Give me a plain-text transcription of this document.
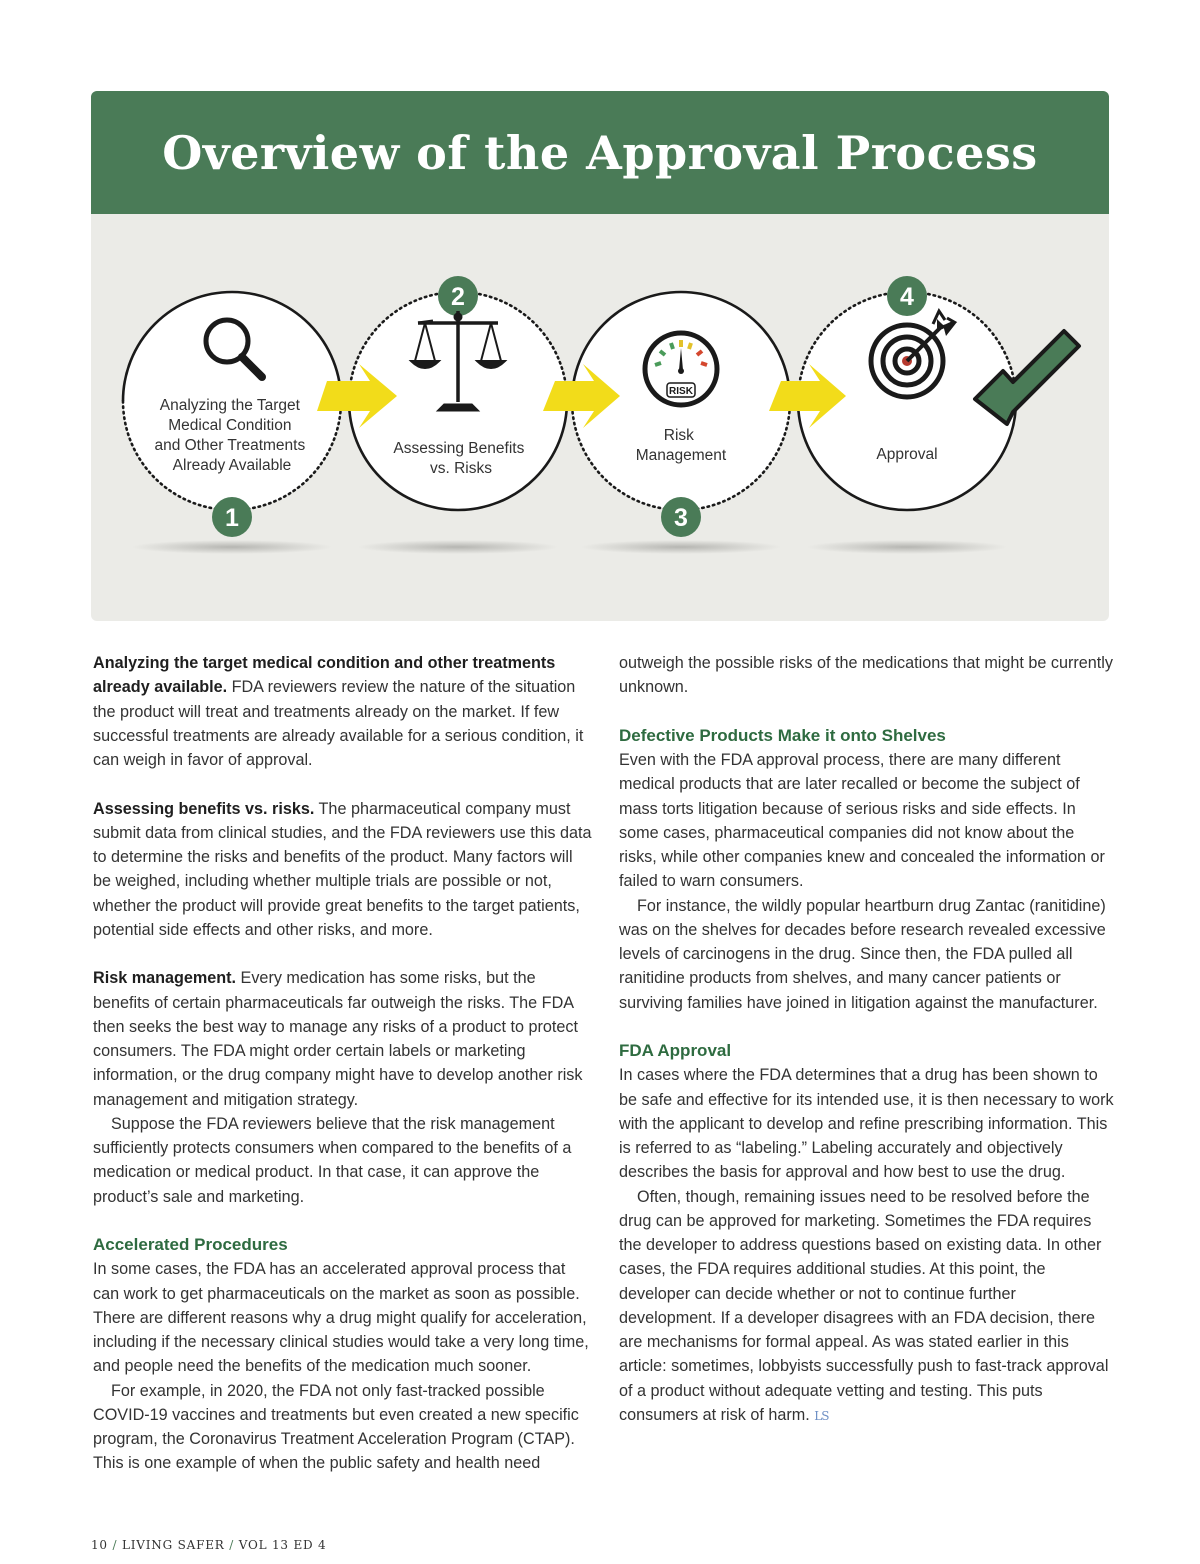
Overview of the Approval Process
1
2
3
4
Analyzing the Target Medical Condition and Other Treatments Already Available
Assessing Benefits vs. Risks
RISK
Risk Management	Approval

Analyzing the target medical condition and other treatments already available. FDA reviewers review the nature of the situation the product will treat and treatments already on the market. If few successful treatments are already available for a serious condition, it can weigh in favor of approval.

Assessing benefits vs. risks. The pharmaceutical company must submit data from clinical studies, and the FDA reviewers use this data to determine the risks and benefits of the product. Many factors will be weighed, including whether multiple trials are possible or not, whether the product will provide great benefits to the target patients, potential side effects and other risks, and more.

Risk management. Every medication has some risks, but the benefits of certain pharmaceuticals far outweigh the risks. The FDA then seeks the best way to manage any risks of a product to protect consumers. The FDA might order certain labels or marketing information, or the drug company might have to develop another risk management and mitigation strategy.

Suppose the FDA reviewers believe that the risk management sufficiently protects consumers when compared to the benefits of a medication or medical product. In that case, it can approve the product’s sale and marketing.

Accelerated Procedures

In some cases, the FDA has an accelerated approval process that can work to get pharmaceuticals on the market as soon as possible. There are different reasons why a drug might qualify for acceleration, including if the necessary clinical studies would take a very long time, and people need the benefits of the medication much sooner.

For example, in 2020, the FDA not only fast-tracked possible COVID-19 vaccines and treatments but even created a new specific program, the Coronavirus Treatment Acceleration Program (CTAP). This is one example of when the public safety and health need

outweigh the possible risks of the medications that might be currently unknown.

Defective Products Make it onto Shelves

Even with the FDA approval process, there are many different medical products that are later recalled or become the subject of mass torts litigation because of serious risks and side effects. In some cases, pharmaceutical companies did not know about the risks, while other companies knew and concealed the information or failed to warn consumers.

For instance, the wildly popular heartburn drug Zantac (ranitidine) was on the shelves for decades before research revealed excessive levels of carcinogens in the drug. Since then, the FDA pulled all ranitidine products from shelves, and many cancer patients or surviving families have joined in litigation against the manufacturer.

FDA Approval

In cases where the FDA determines that a drug has been shown to be safe and effective for its intended use, it is then necessary to work with the applicant to develop and refine prescribing information. This is referred to as “labeling.” Labeling accurately and objectively describes the basis for approval and how best to use the drug.

Often, though, remaining issues need to be resolved before the drug can be approved for marketing. Sometimes the FDA requires the developer to address questions based on existing data. In other cases, the FDA requires additional studies. At this point, the developer can decide whether or not to continue further development. If a developer disagrees with an FDA decision, there are mechanisms for formal appeal. As was stated earlier in this article: sometimes, lobbyists successfully push to fast-track approval of a product without adequate vetting and testing. This puts consumers at risk of harm. LS

10 / LIVING SAFER / VOL 13 ED 4
